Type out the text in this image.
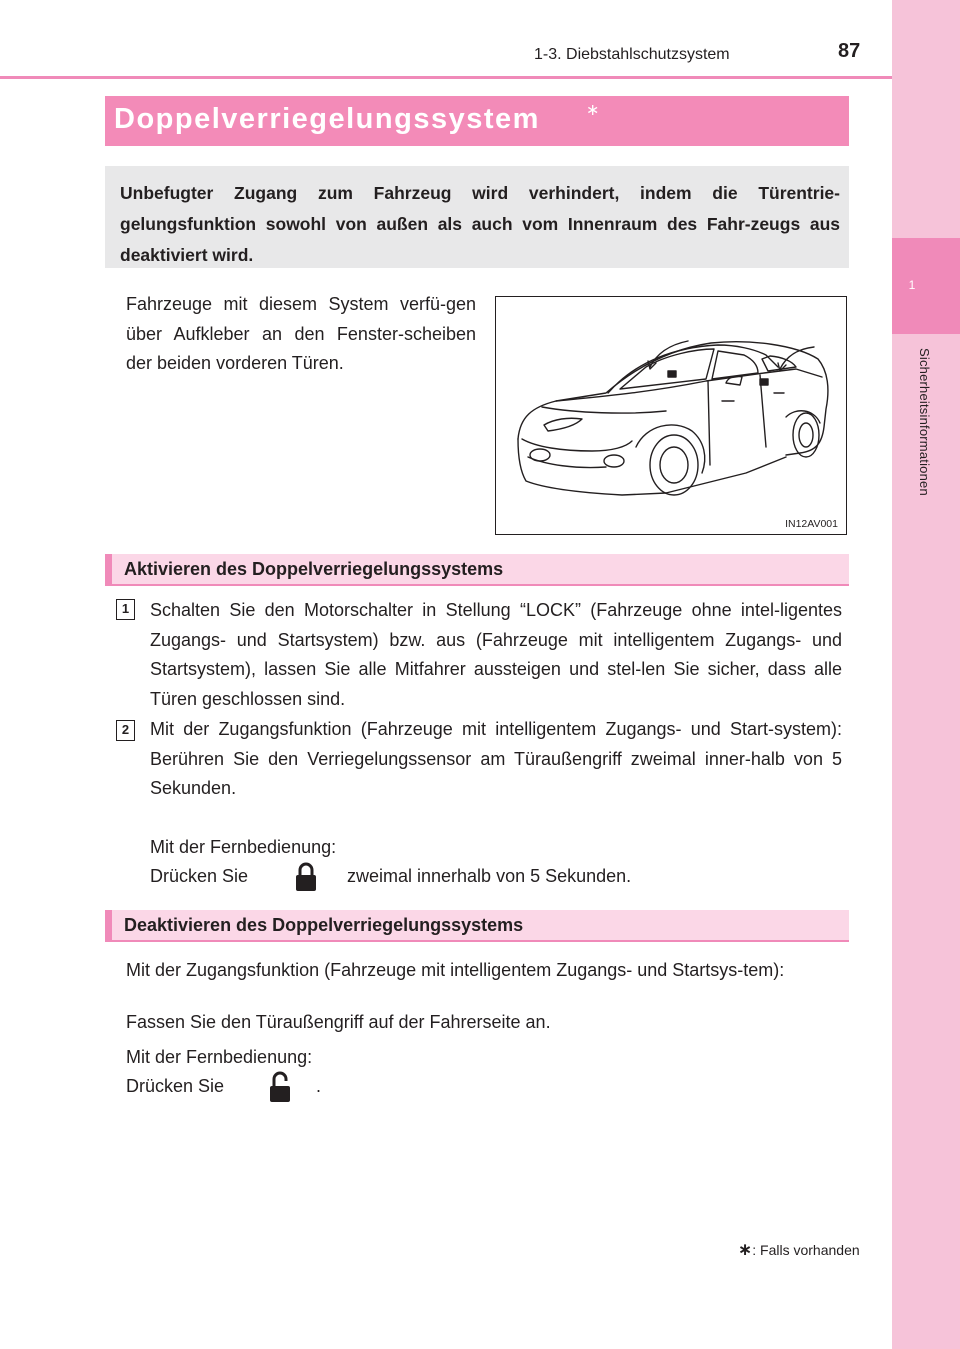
1
Sicherheitsinformationen
1-3. Diebstahlschutzsystem	87
Doppelverriegelungssystem	∗
Unbefugter Zugang zum Fahrzeug wird verhindert, indem die Türentrie-gelungsfunktion sowohl von außen als auch vom Innenraum des Fahr-zeugs aus deaktiviert wird.
Fahrzeuge mit diesem System verfü-gen über Aufkleber an den Fenster-scheiben der beiden vorderen Türen.
IN12AV001
Aktivieren des Doppelverriegelungssystems
1	Schalten Sie den Motorschalter in Stellung “LOCK” (Fahrzeuge ohne intel-ligentes Zugangs- und Startsystem) bzw. aus (Fahrzeuge mit intelligentem Zugangs- und Startsystem), lassen Sie alle Mitfahrer aussteigen und stel-len Sie sicher, dass alle Türen geschlossen sind.
2	Mit der Zugangsfunktion (Fahrzeuge mit intelligentem Zugangs- und Start-system): Berühren Sie den Verriegelungssensor am Türaußengriff zweimal inner-halb von 5 Sekunden.
Mit der Fernbedienung:
Drücken Sie	zweimal innerhalb von 5 Sekunden.
Deaktivieren des Doppelverriegelungssystems
Mit der Zugangsfunktion (Fahrzeuge mit intelligentem Zugangs- und Startsys-tem):
Fassen Sie den Türaußengriff auf der Fahrerseite an.
Mit der Fernbedienung:
Drücken Sie	.
∗: Falls vorhanden
